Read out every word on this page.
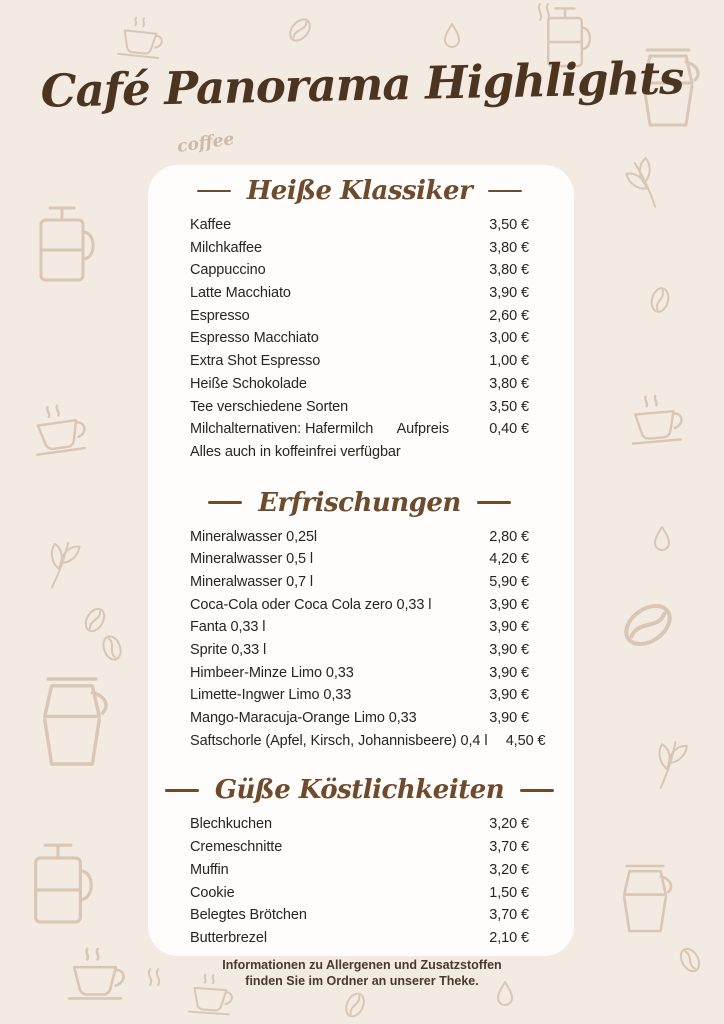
coffee
Café Panorama Highlights
Heiße Klassiker
Kaffee	3,50 €
Milchkaffee	3,80 €
Cappuccino	3,80 €
Latte Macchiato	3,90 €
Espresso	2,60 €
Espresso Macchiato	3,00 €
Extra Shot Espresso	1,00 €
Heiße Schokolade	3,80 €
Tee verschiedene Sorten	3,50 €
Milchalternativen: Hafermilch	Aufpreis	0,40 €
Alles auch in koffeinfrei verfügbar
Erfrischungen
Mineralwasser 0,25l	2,80 €
Mineralwasser 0,5 l	4,20 €
Mineralwasser 0,7 l	5,90 €
Coca-Cola oder Coca Cola zero 0,33 l	3,90 €
Fanta 0,33 l	3,90 €
Sprite 0,33 l	3,90 €
Himbeer-Minze Limo 0,33	3,90 €
Limette-Ingwer Limo 0,33	3,90 €
Mango-Maracuja-Orange Limo 0,33	3,90 €
Saftschorle (Apfel, Kirsch, Johannisbeere) 0,4 l	4,50 €
Güße Köstlichkeiten
Blechkuchen	3,20 €
Cremeschnitte	3,70 €
Muffin	3,20 €
Cookie	1,50 €
Belegtes Brötchen	3,70 €
Butterbrezel	2,10 €
Informationen zu Allergenen und Zusatzstoffen
finden Sie im Ordner an unserer Theke.
